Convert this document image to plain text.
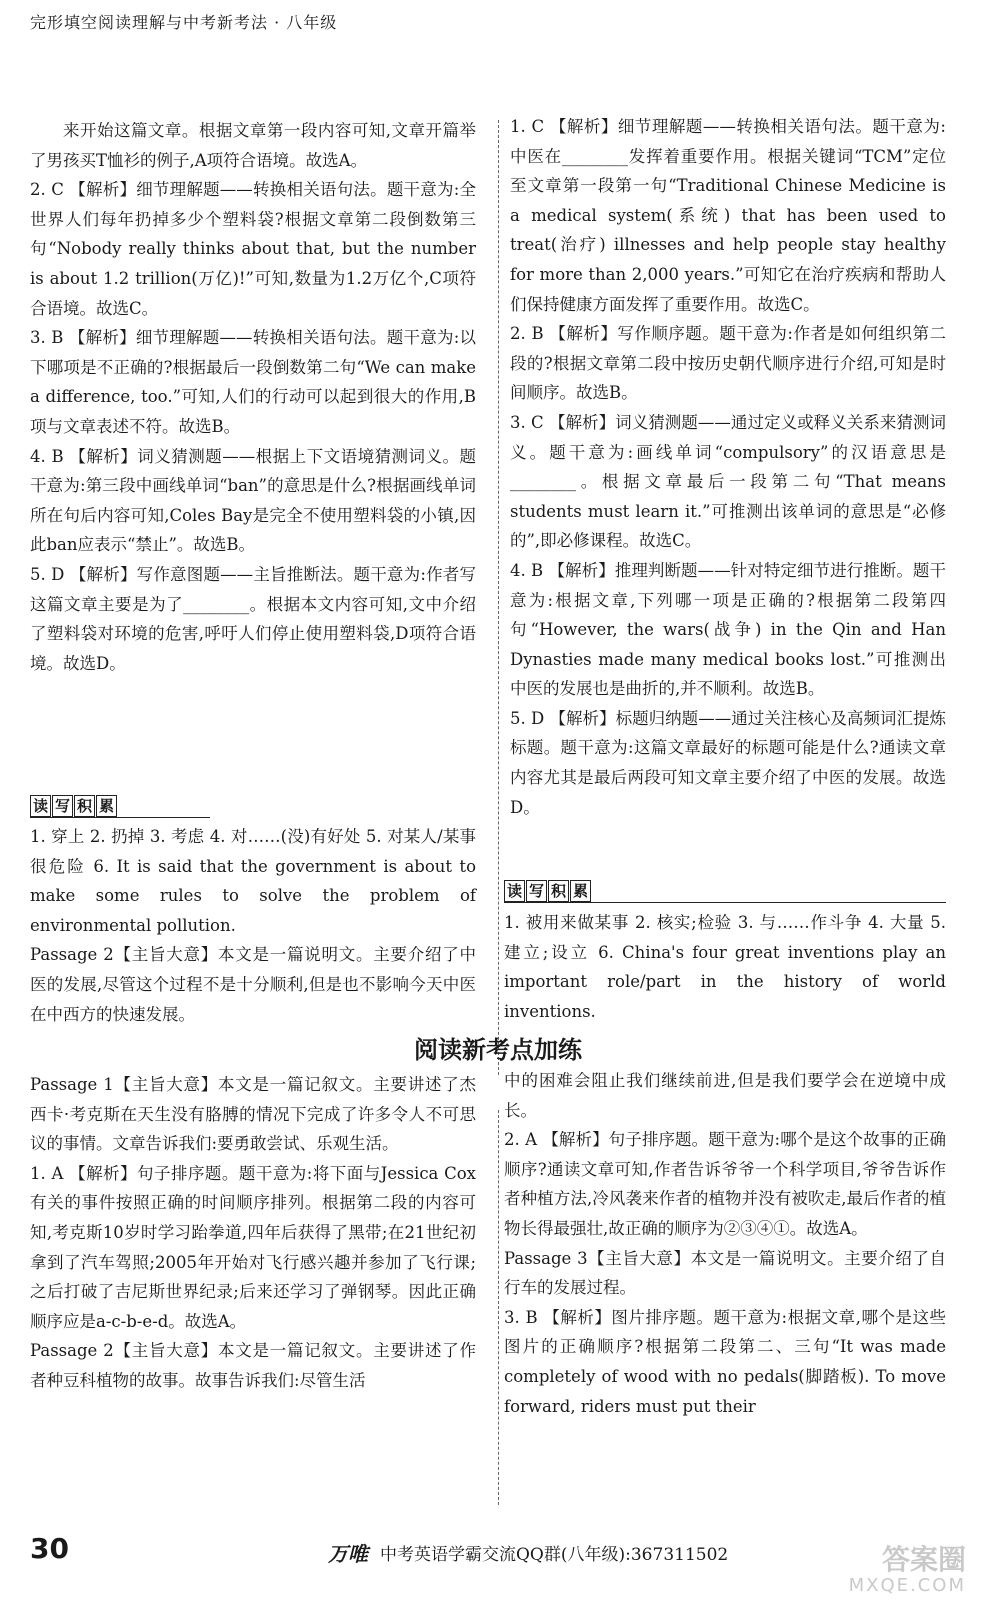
完形填空阅读理解与中考新考法 · 八年级

来开始这篇文章。根据文章第一段内容可知,文章开篇举了男孩买T恤衫的例子,A项符合语境。故选A。

2. C 【解析】细节理解题——转换相关语句法。题干意为:全世界人们每年扔掉多少个塑料袋?根据文章第二段倒数第三句“Nobody really thinks about that, but the number is about 1.2 trillion(万亿)!”可知,数量为1.2万亿个,C项符合语境。故选C。

3. B 【解析】细节理解题——转换相关语句法。题干意为:以下哪项是不正确的?根据最后一段倒数第二句“We can make a difference, too.”可知,人们的行动可以起到很大的作用,B项与文章表述不符。故选B。

4. B 【解析】词义猜测题——根据上下文语境猜测词义。题干意为:第三段中画线单词“ban”的意思是什么?根据画线单词所在句后内容可知,Coles Bay是完全不使用塑料袋的小镇,因此ban应表示“禁止”。故选B。

5. D 【解析】写作意图题——主旨推断法。题干意为:作者写这篇文章主要是为了________。根据本文内容可知,文中介绍了塑料袋对环境的危害,呼吁人们停止使用塑料袋,D项符合语境。故选D。

读 写 积 累

1. 穿上 2. 扔掉 3. 考虑 4. 对……(没)有好处 5. 对某人/某事很危险 6. It is said that the government is about to make some rules to solve the problem of environmental pollution.

Passage 2【主旨大意】本文是一篇说明文。主要介绍了中医的发展,尽管这个过程不是十分顺利,但是也不影响今天中医在中西方的快速发展。

1. C 【解析】细节理解题——转换相关语句法。题干意为:中医在________发挥着重要作用。根据关键词“TCM”定位至文章第一段第一句“Traditional Chinese Medicine is a medical system(系统) that has been used to treat(治疗) illnesses and help people stay healthy for more than 2,000 years.”可知它在治疗疾病和帮助人们保持健康方面发挥了重要作用。故选C。

2. B 【解析】写作顺序题。题干意为:作者是如何组织第二段的?根据文章第二段中按历史朝代顺序进行介绍,可知是时间顺序。故选B。

3. C 【解析】词义猜测题——通过定义或释义关系来猜测词义。题干意为:画线单词“compulsory”的汉语意思是________。根据文章最后一段第二句“That means students must learn it.”可推测出该单词的意思是“必修的”,即必修课程。故选C。

4. B 【解析】推理判断题——针对特定细节进行推断。题干意为:根据文章,下列哪一项是正确的?根据第二段第四句“However, the wars(战争) in the Qin and Han Dynasties made many medical books lost.”可推测出中医的发展也是曲折的,并不顺利。故选B。

5. D 【解析】标题归纳题——通过关注核心及高频词汇提炼标题。题干意为:这篇文章最好的标题可能是什么?通读文章内容尤其是最后两段可知文章主要介绍了中医的发展。故选D。

读 写 积 累

1. 被用来做某事 2. 核实;检验 3. 与……作斗争 4. 大量 5. 建立;设立 6. China's four great inventions play an important role/part in the history of world inventions.

阅读新考点加练

Passage 1【主旨大意】本文是一篇记叙文。主要讲述了杰西卡·考克斯在天生没有胳膊的情况下完成了许多令人不可思议的事情。文章告诉我们:要勇敢尝试、乐观生活。

1. A 【解析】句子排序题。题干意为:将下面与Jessica Cox有关的事件按照正确的时间顺序排列。根据第二段的内容可知,考克斯10岁时学习跆拳道,四年后获得了黑带;在21世纪初拿到了汽车驾照;2005年开始对飞行感兴趣并参加了飞行课;之后打破了吉尼斯世界纪录;后来还学习了弹钢琴。因此正确顺序应是a-c-b-e-d。故选A。

Passage 2【主旨大意】本文是一篇记叙文。主要讲述了作者种豆科植物的故事。故事告诉我们:尽管生活

中的困难会阻止我们继续前进,但是我们要学会在逆境中成长。

2. A 【解析】句子排序题。题干意为:哪个是这个故事的正确顺序?通读文章可知,作者告诉爷爷一个科学项目,爷爷告诉作者种植方法,冷风袭来作者的植物并没有被吹走,最后作者的植物长得最强壮,故正确的顺序为②③④①。故选A。

Passage 3【主旨大意】本文是一篇说明文。主要介绍了自行车的发展过程。

3. B 【解析】图片排序题。题干意为:根据文章,哪个是这些图片的正确顺序?根据第二段第二、三句“It was made completely of wood with no pedals(脚踏板). To move forward, riders must put their

30	万唯 中考英语学霸交流QQ群(八年级):367311502	答案圈
MXQE.COM
